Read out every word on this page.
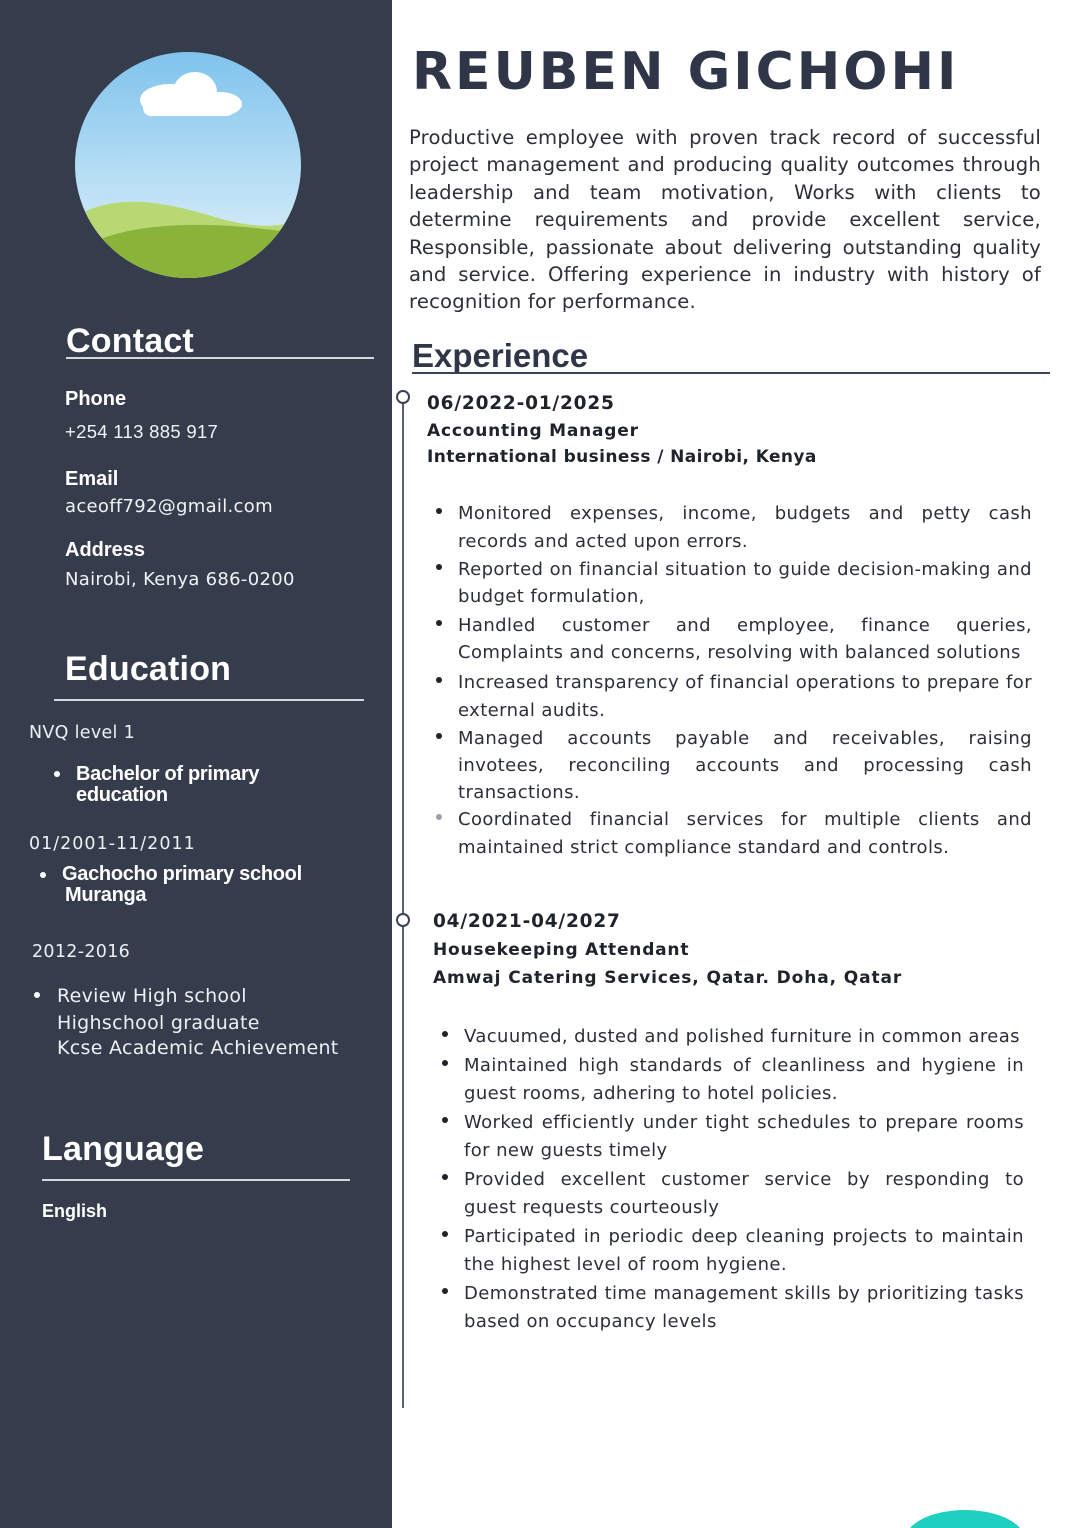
Contact
Phone
+254 113 885 917
Email
aceoff792@gmail.com
Address
Nairobi, Kenya 686-0200
Education
NVQ level 1
Bachelor of primary
education
01/2001-11/2011
Gachocho primary school
Muranga
2012-2016
Review High school
Highschool graduate
Kcse Academic Achievement
Language
English
REUBEN GICHOHI
Productive employee with proven track record of successful project management and producing quality outcomes through leadership and team motivation, Works with clients to determine requirements and provide excellent service, Responsible, passionate about delivering outstanding quality and service. Offering experience in industry with history of recognition for performance.
Experience
06/2022-01/2025
Accounting Manager
International business / Nairobi, Kenya
Monitored expenses, income, budgets and petty cash records and acted upon errors.
Reported on financial situation to guide decision-making and budget formulation,
Handled customer and employee, finance queries, Complaints and concerns, resolving with balanced solutions
Increased transparency of financial operations to prepare for external audits.
Managed accounts payable and receivables, raising invotees, reconciling accounts and processing cash transactions.
Coordinated financial services for multiple clients and maintained strict compliance standard and controls.
04/2021-04/2027
Housekeeping Attendant
Amwaj Catering Services, Qatar. Doha, Qatar
Vacuumed, dusted and polished furniture in common areas
Maintained high standards of cleanliness and hygiene in guest rooms, adhering to hotel policies.
Worked efficiently under tight schedules to prepare rooms for new guests timely
Provided excellent customer service by responding to guest requests courteously
Participated in periodic deep cleaning projects to maintain the highest level of room hygiene.
Demonstrated time management skills by prioritizing tasks based on occupancy levels
